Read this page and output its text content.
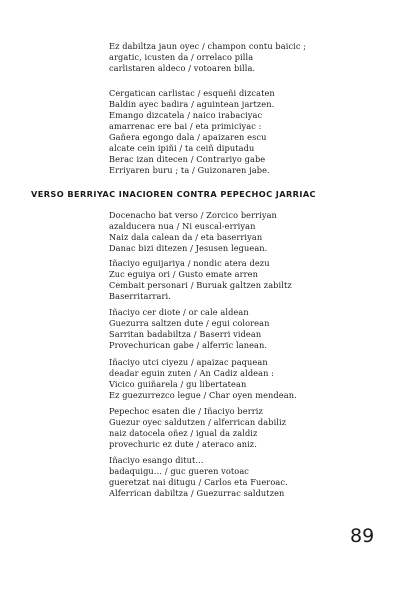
Ez dabiltza jaun oyec / champon contu baicic ;
argatic, icusten da / orrelaco pilla
carlistaren aldeco / votoaren billa.
Cergatican carlistac / esqueñi dizcaten
Baldin ayec badira / aguintean jartzen.
Emango dizcatela / naico irabaciyac
amarrenac ere bai / eta primiciyac :
Gañera egongo dala / apaizaren escu
alcate cein ipiñi / ta ceiñ diputadu
Berac izan ditecen / Contrariyo gabe
Erriyaren buru ; ta / Guizonaren jabe.
VERSO BERRIYAC INACIOREN CONTRA PEPECHOC JARRIAC
Docenacho bat verso / Zorcico berriyan
azalducera nua / Ni euscal-erriyan
Naiz dala calean da / eta baserriyan
Danac bizi ditezen / Jesusen leguean.
Iñaciyo eguijariya / nondic atera dezu
Zuc eguiya ori / Gusto emate arren
Cembait personari / Buruak galtzen zabiltz
Baserritarrari.
Iñaciyo cer diote / or cale aldean
Guezurra saltzen dute / egui colorean
Sarritan badabiltza / Baserri videan
Provechurican gabe / alferric lanean.
Iñaciyo utci ciyezu / apaizac paquean
deadar eguin zuten / An Cadiz aldean :
Vicico guiñarela / gu libertatean
Ez guezurrezco legue / Char oyen mendean.
Pepechoc esaten die / Iñaciyo berriz
Guezur oyec saldutzen / alferrican dabiliz
naiz datocela oñez / igual da zaldiz
provechuric ez dute / ateraco aniz.
Iñaciyo esango ditut…
badaquigu… / guc gueren votoac
gueretzat nai ditugu / Carlos eta Fueroac.
Alferrican dabiltza / Guezurrac saldutzen
89
